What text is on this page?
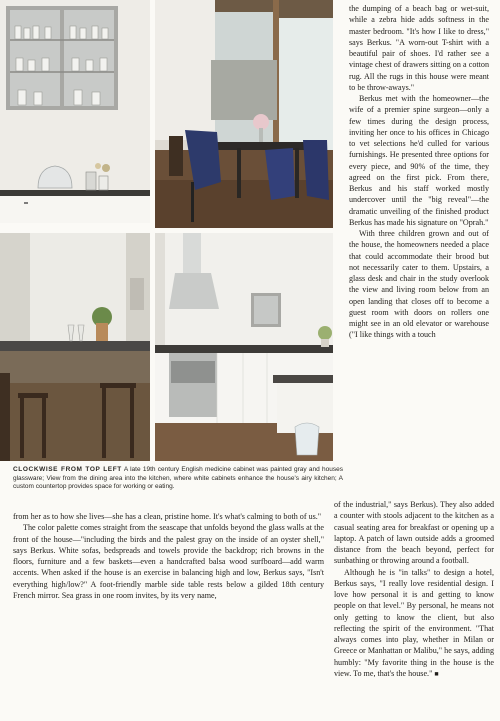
CLOCKWISE FROM TOP LEFT A late 19th century English medicine cabinet was painted gray and houses glassware; View from the dining area into the kitchen, where white cabinets enhance the house's airy kitchen; A custom countertop provides space for working or eating.

the dumping of a beach bag or wet-suit, while a zebra hide adds softness in the master bedroom. "It's how I like to dress," says Berkus. "A worn-out T-shirt with a beautiful pair of shoes. I'd rather see a vintage chest of drawers sitting on a cotton rug. All the rugs in this house were meant to be throw-aways."

Berkus met with the homeowner—the wife of a premier spine surgeon—only a few times during the design process, inviting her once to his offices in Chicago to vet selections he'd culled for various furnishings. He presented three options for every piece, and 90% of the time, they agreed on the first pick. From there, Berkus and his staff worked mostly undercover until the "big reveal"—the dramatic unveiling of the finished product Berkus has made his signature on "Oprah."

With three children grown and out of the house, the homeowners needed a place that could accommodate their brood but not necessarily cater to them. Upstairs, a glass desk and chair in the study overlook the view and living room below from an open landing that closes off to become a guest room with doors on rollers one might see in an old elevator or warehouse ("I like things with a touch

of the industrial," says Berkus). They also added a counter with stools adjacent to the kitchen as a casual seating area for breakfast or opening up a laptop. A patch of lawn outside adds a groomed distance from the beach beyond, perfect for sunbathing or throwing around a football.

Although he is "in talks" to design a hotel, Berkus says, "I really love residential design. I love how personal it is and getting to know people on that level." By personal, he means not only getting to know the client, but also reflecting the spirit of the environment. "That always comes into play, whether in Milan or Greece or Manhattan or Malibu," he says, adding humbly: "My favorite thing in the house is the view. To me, that's the house." ■

from her as to how she lives—she has a clean, pristine home. It's what's calming to both of us."

The color palette comes straight from the seascape that unfolds beyond the glass walls at the front of the house—"including the birds and the palest gray on the inside of an oyster shell," says Berkus. White sofas, bedspreads and towels provide the backdrop; rich browns in the floors, furniture and a few baskets—even a handcrafted balsa wood surfboard—add warm accents. When asked if the house is an exercise in balancing high and low, Berkus says, "Isn't everything high/low?" A foot-friendly marble side table rests below a gilded 18th century French mirror. Sea grass in one room invites, by its very name,
